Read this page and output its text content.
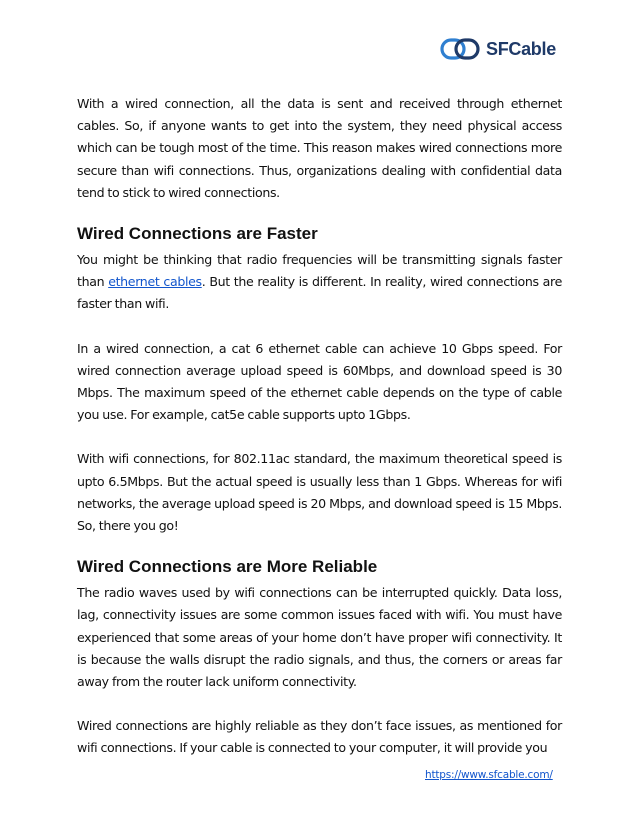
SFCable

With a wired connection, all the data is sent and received through ethernet cables. So, if anyone wants to get into the system, they need physical access which can be tough most of the time. This reason makes wired connections more secure than wifi connections. Thus, organizations dealing with confidential data tend to stick to wired connections.

Wired Connections are Faster

You might be thinking that radio frequencies will be transmitting signals faster than ethernet cables. But the reality is different. In reality, wired connections are faster than wifi.

In a wired connection, a cat 6 ethernet cable can achieve 10 Gbps speed. For wired connection average upload speed is 60Mbps, and download speed is 30 Mbps. The maximum speed of the ethernet cable depends on the type of cable you use. For example, cat5e cable supports upto 1Gbps.

With wifi connections, for 802.11ac standard, the maximum theoretical speed is upto 6.5Mbps. But the actual speed is usually less than 1 Gbps. Whereas for wifi networks, the average upload speed is 20 Mbps, and download speed is 15 Mbps. So, there you go!

Wired Connections are More Reliable

The radio waves used by wifi connections can be interrupted quickly. Data loss, lag, connectivity issues are some common issues faced with wifi. You must have experienced that some areas of your home don’t have proper wifi connectivity. It is because the walls disrupt the radio signals, and thus, the corners or areas far away from the router lack uniform connectivity.

Wired connections are highly reliable as they don’t face issues, as mentioned for wifi connections. If your cable is connected to your computer, it will provide you

https://www.sfcable.com/
